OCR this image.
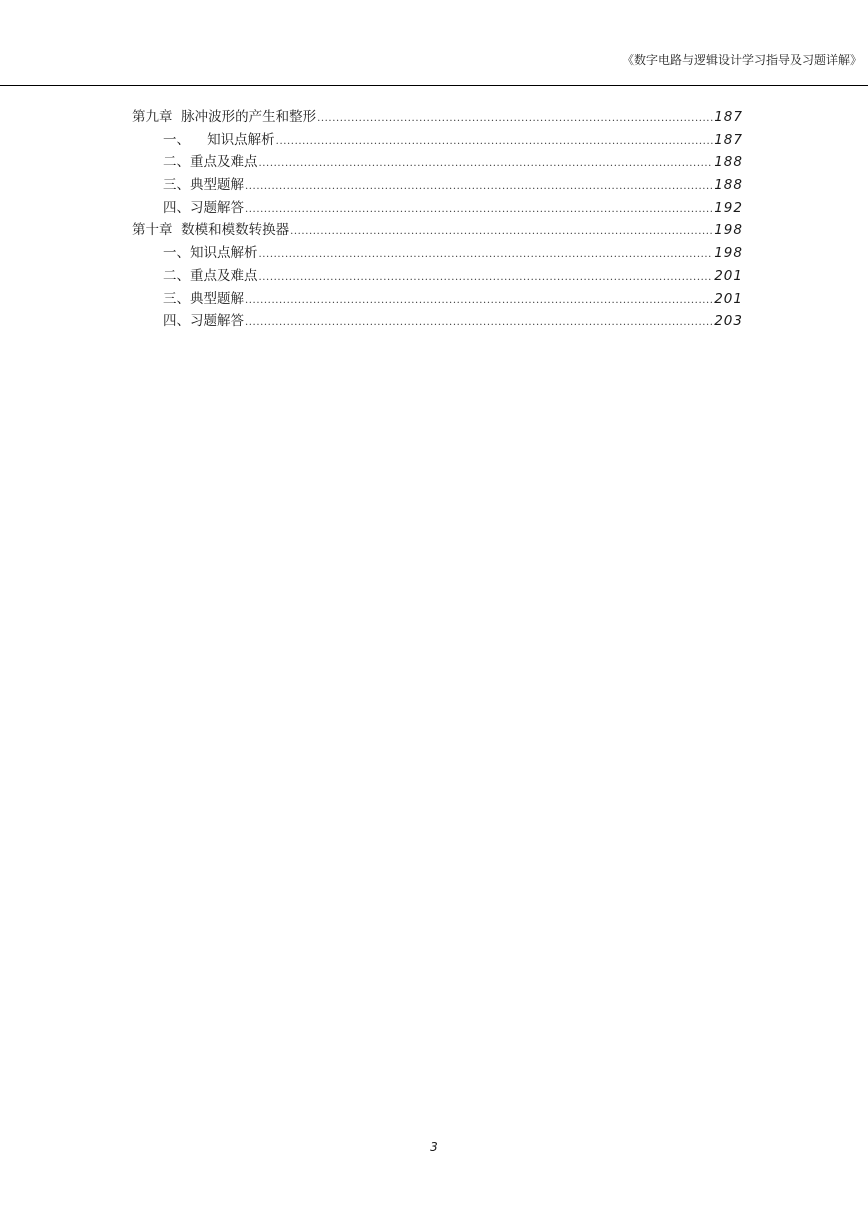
《数字电路与逻辑设计学习指导及习题详解》
第九章  脉冲波形的产生和整形 .....	187
一、    知识点解析 .....	187
二、重点及难点 .....	188
三、典型题解 .....	188
四、习题解答 .....	192
第十章  数模和模数转换器 .....	198
一、知识点解析 .....	198
二、重点及难点 .....	201
三、典型题解 .....	201
四、习题解答 .....	203
3
